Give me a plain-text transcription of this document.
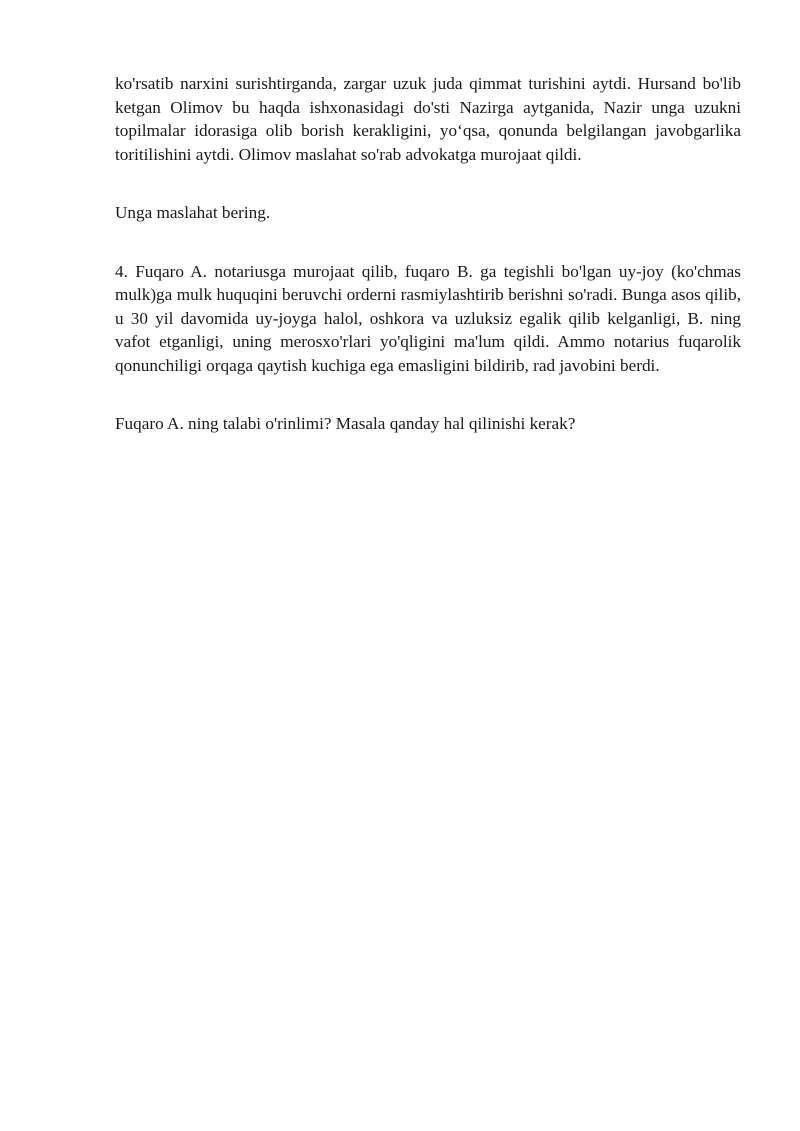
ko'rsatib narxini surishtirganda, zargar uzuk juda qimmat turishini aytdi. Hursand bo'lib ketgan Olimov bu haqda ishxonasidagi do'sti Nazirga aytganida, Nazir unga uzukni topilmalar idorasiga olib borish kerakligini, yo‘qsa, qonunda belgilangan javobgarlika toritilishini aytdi. Olimov maslahat so'rab advokatga murojaat qildi.

Unga maslahat bering.

4. Fuqaro A. notariusga murojaat qilib, fuqaro B. ga tegishli bo'lgan uy-joy (ko'chmas mulk)ga mulk huquqini beruvchi orderni rasmiylashtirib berishni so'radi. Bunga asos qilib, u 30 yil davomida uy-joyga halol, oshkora va uzluksiz egalik qilib kelganligi, B. ning vafot etganligi, uning merosxo'rlari yo'qligini ma'lum qildi. Ammo notarius fuqarolik qonunchiligi orqaga qaytish kuchiga ega emasligini bildirib, rad javobini berdi.

Fuqaro A. ning talabi o'rinlimi? Masala qanday hal qilinishi kerak?
